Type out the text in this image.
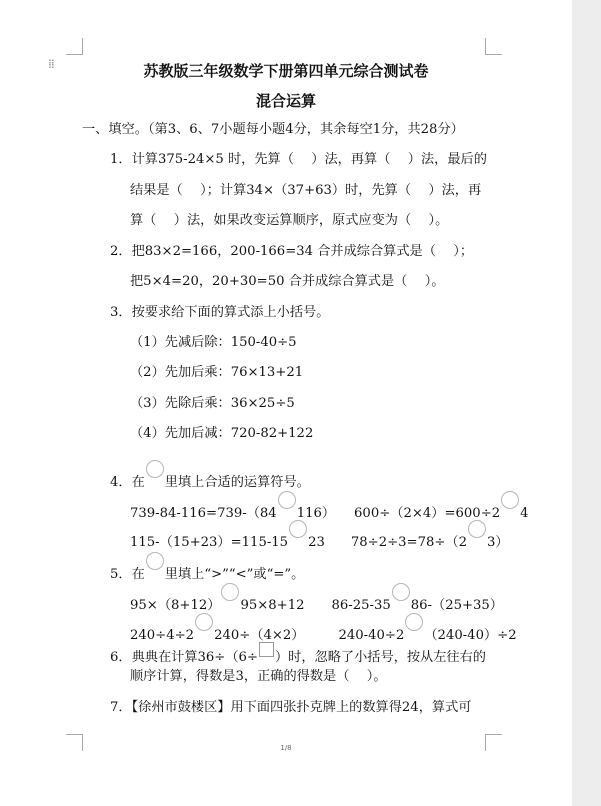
⁞⁞	苏教版三年级数学下册第四单元综合测试卷
混合运算
一、填空。（第3、6、7小题每小题4分，其余每空1分，共28分）
1．计算375-24×5 时，先算（　 ）法，再算（　 ）法，最后的
结果是（　 ）；计算34×（37+63）时，先算（　 ）法，再
算（　 ）法，如果改变运算顺序，原式应变为（　 ）。
2．把83×2=166，200-166=34 合并成综合算式是（　 ）；
把5×4=20，20+30=50 合并成综合算式是（　 ）。
3．按要求给下面的算式添上小括号。
（1）先减后除：150-40÷5
（2）先加后乘：76×13+21
（3）先除后乘：36×25÷5
（4）先加后减：720-82+122
4．在 里填上合适的运算符号。
739-84-116=739-（84 116） 600÷（2×4）=600÷2 4
115-（15+23）=115-15 23 78÷2÷3=78÷（2 3）
5．在 里填上“>”“<”或“=”。
95×（8+12） 95×8+12 86-25-35 86-（25+35）
240÷4÷2 240÷（4×2）	240-40÷2 （240-40）÷2
6．典典在计算36÷（6÷ ）时，忽略了小括号，按从左往右的
顺序计算，得数是3，正确的得数是（　 ）。
7．【徐州市鼓楼区】用下面四张扑克牌上的数算得24，算式可
1/8
